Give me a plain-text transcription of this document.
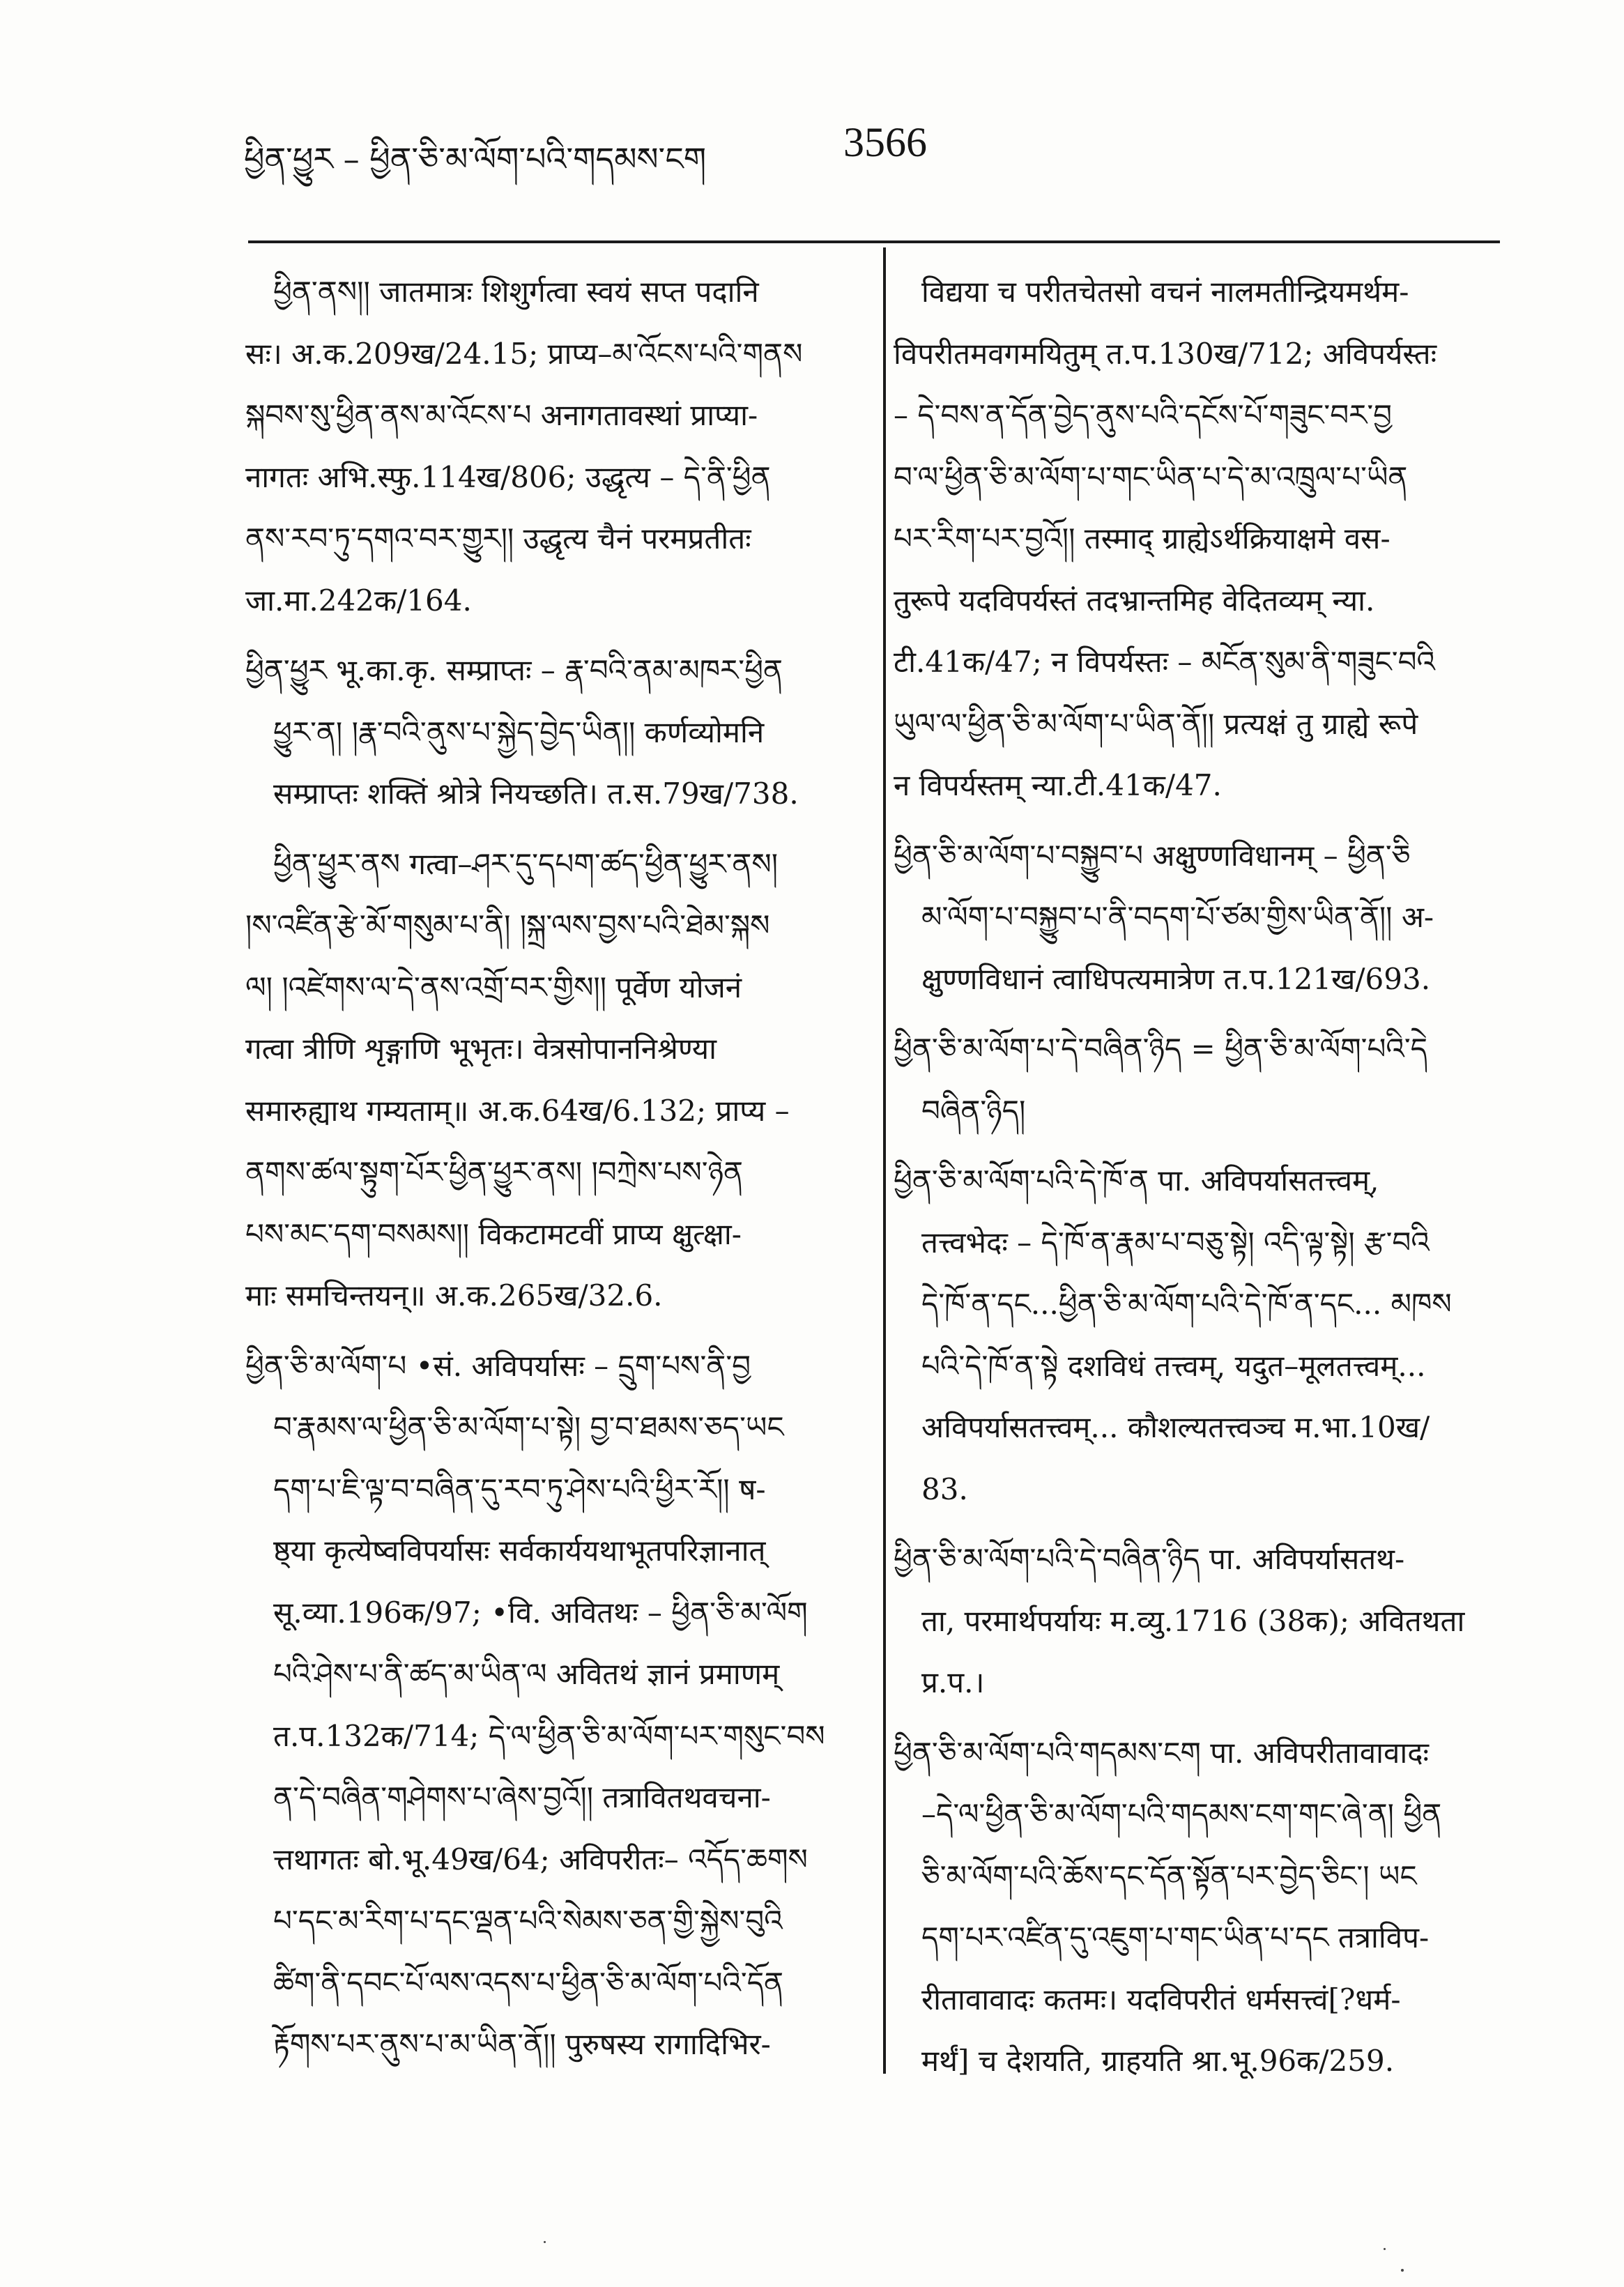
ཕྱིན་ཕྱུར – ཕྱིན་ཅི་མ་ལོག་པའི་གདམས་ངག	3566
ཕྱིན་ནས།། जातमात्रः शिशुर्गत्वा स्वयं सप्त पदानि
सः। अ.क.209ख/24.15; प्राप्य–མ་འོངས་པའི་གནས
སྐབས་སུ་ཕྱིན་ནས་མ་འོངས་པ अनागतावस्थां प्राप्या-
नागतः अभि.स्फु.114ख/806; उद्धृत्य – དེ་ནི་ཕྱིན
ནས་རབ་ཏུ་དགའ་བར་གྱུར།། उद्धृत्य चैनं परमप्रतीतः
जा.मा.242क/164.
ཕྱིན་ཕྱུར भू.का.कृ. सम्प्राप्तः – རྣ་བའི་ནམ་མཁར་ཕྱིན
ཕྱུར་ན། །རྣ་བའི་ནུས་པ་སྐྱེད་བྱེད་ཡིན།། कर्णव्योमनि
सम्प्राप्तः शक्तिं श्रोत्रे नियच्छति। त.स.79ख/738.
ཕྱིན་ཕྱུར་ནས गत्वा–ཤར་དུ་དཔག་ཚད་ཕྱིན་ཕྱུར་ནས།
།ས་འཛིན་རྩེ་མོ་གསུམ་པ་ནི། །སྐྲ་ལས་བྱས་པའི་ཐེམ་སྐས
ལ། །འཛེགས་ལ་དེ་ནས་འགྲོ་བར་གྱིས།། पूर्वेण योजनं
गत्वा त्रीणि शृङ्गाणि भूभृतः। वेत्रसोपाननिश्रेण्या
समारुह्याथ गम्यताम्॥ अ.क.64ख/6.132; प्राप्य –
ནགས་ཚལ་སྟུག་པོར་ཕྱིན་ཕྱུར་ནས། །བཀྲེས་པས་ཉེན
པས་མང་དག་བསམས།། विकटामटवीं प्राप्य क्षुत्क्षा-
माः समचिन्तयन्॥ अ.क.265ख/32.6.
ཕྱིན་ཅི་མ་ལོག་པ •सं. अविपर्यासः – དྲུག་པས་ནི་བྱ
བ་རྣམས་ལ་ཕྱིན་ཅི་མ་ལོག་པ་སྟེ། བྱ་བ་ཐམས་ཅད་ཡང
དག་པ་ཇི་ལྟ་བ་བཞིན་དུ་རབ་ཏུ་ཤེས་པའི་ཕྱིར་རོ།། ष-
ष्ठ्या कृत्येष्वविपर्यासः सर्वकार्ययथाभूतपरिज्ञानात्
सू.व्या.196क/97; •वि. अवितथः – ཕྱིན་ཅི་མ་ལོག
པའི་ཤེས་པ་ནི་ཚད་མ་ཡིན་ལ अवितथं ज्ञानं प्रमाणम्
त.प.132क/714; དེ་ལ་ཕྱིན་ཅི་མ་ལོག་པར་གསུང་བས
ན་དེ་བཞིན་གཤེགས་པ་ཞེས་བྱའོ།། तत्रावितथवचना-
त्तथागतः बो.भू.49ख/64; अविपरीतः– འདོད་ཆགས
པ་དང་མ་རིག་པ་དང་ལྡན་པའི་སེམས་ཅན་གྱི་སྐྱེས་བུའི
ཚིག་ནི་དབང་པོ་ལས་འདས་པ་ཕྱིན་ཅི་མ་ལོག་པའི་དོན
རྟོགས་པར་ནུས་པ་མ་ཡིན་ནོ།། पुरुषस्य रागादिभिर-
विद्यया च परीतचेतसो वचनं नालमतीन्द्रियमर्थम-
विपरीतमवगमयितुम् त.प.130ख/712; अविपर्यस्तः
– དེ་བས་ན་དོན་བྱེད་ནུས་པའི་དངོས་པོ་གཟུང་བར་བྱ
བ་ལ་ཕྱིན་ཅི་མ་ལོག་པ་གང་ཡིན་པ་དེ་མ་འཁྲུལ་པ་ཡིན
པར་རིག་པར་བྱའོ།། तस्माद् ग्राह्येऽर्थक्रियाक्षमे वस-
तुरूपे यदविपर्यस्तं तदभ्रान्तमिह वेदितव्यम् न्या.
टी.41क/47; न विपर्यस्तः – མངོན་སུམ་ནི་གཟུང་བའི
ཡུལ་ལ་ཕྱིན་ཅི་མ་ལོག་པ་ཡིན་ནོ།། प्रत्यक्षं तु ग्राह्ये रूपे
न विपर्यस्तम् न्या.टी.41क/47.
ཕྱིན་ཅི་མ་ལོག་པ་བསྐྱུབ་པ अक्षुण्णविधानम् – ཕྱིན་ཅི
མ་ལོག་པ་བསྐྱུབ་པ་ནི་བདག་པོ་ཙམ་གྱིས་ཡིན་ནོ།། अ-
क्षुण्णविधानं त्वाधिपत्यमात्रेण त.प.121ख/693.
ཕྱིན་ཅི་མ་ལོག་པ་དེ་བཞིན་ཉིད = ཕྱིན་ཅི་མ་ལོག་པའི་དེ
བཞིན་ཉིད།
ཕྱིན་ཅི་མ་ལོག་པའི་དེ་ཁོ་ན पा. अविपर्यासतत्त्वम्,
तत्त्वभेदः – དེ་ཁོ་ན་རྣམ་པ་བཅུ་སྟེ། འདི་ལྟ་སྟེ། རྩ་བའི
དེ་ཁོ་ན་དང...ཕྱིན་ཅི་མ་ལོག་པའི་དེ་ཁོ་ན་དང... མཁས
པའི་དེ་ཁོ་ན་སྟེ दशविधं तत्त्वम्, यदुत–मूलतत्त्वम्...
अविपर्यासतत्त्वम्... कौशल्यतत्त्वञ्च म.भा.10ख/
83.
ཕྱིན་ཅི་མ་ལོག་པའི་དེ་བཞིན་ཉིད पा. अविपर्यासतथ-
ता, परमार्थपर्यायः म.व्यु.1716 (38क); अवितथता
प्र.प.।
ཕྱིན་ཅི་མ་ལོག་པའི་གདམས་ངག पा. अविपरीतावावादः
–དེ་ལ་ཕྱིན་ཅི་མ་ལོག་པའི་གདམས་ངག་གང་ཞེ་ན། ཕྱིན
ཅི་མ་ལོག་པའི་ཆོས་དང་དོན་སྟོན་པར་བྱེད་ཅིང་། ཡང
དག་པར་འཛིན་དུ་འཇུག་པ་གང་ཡིན་པ་དང तत्राविप-
रीतावावादः कतमः। यदविपरीतं धर्मसत्त्वं[?धर्म-
मर्थं] च देशयति, ग्राहयति श्रा.भू.96क/259.
